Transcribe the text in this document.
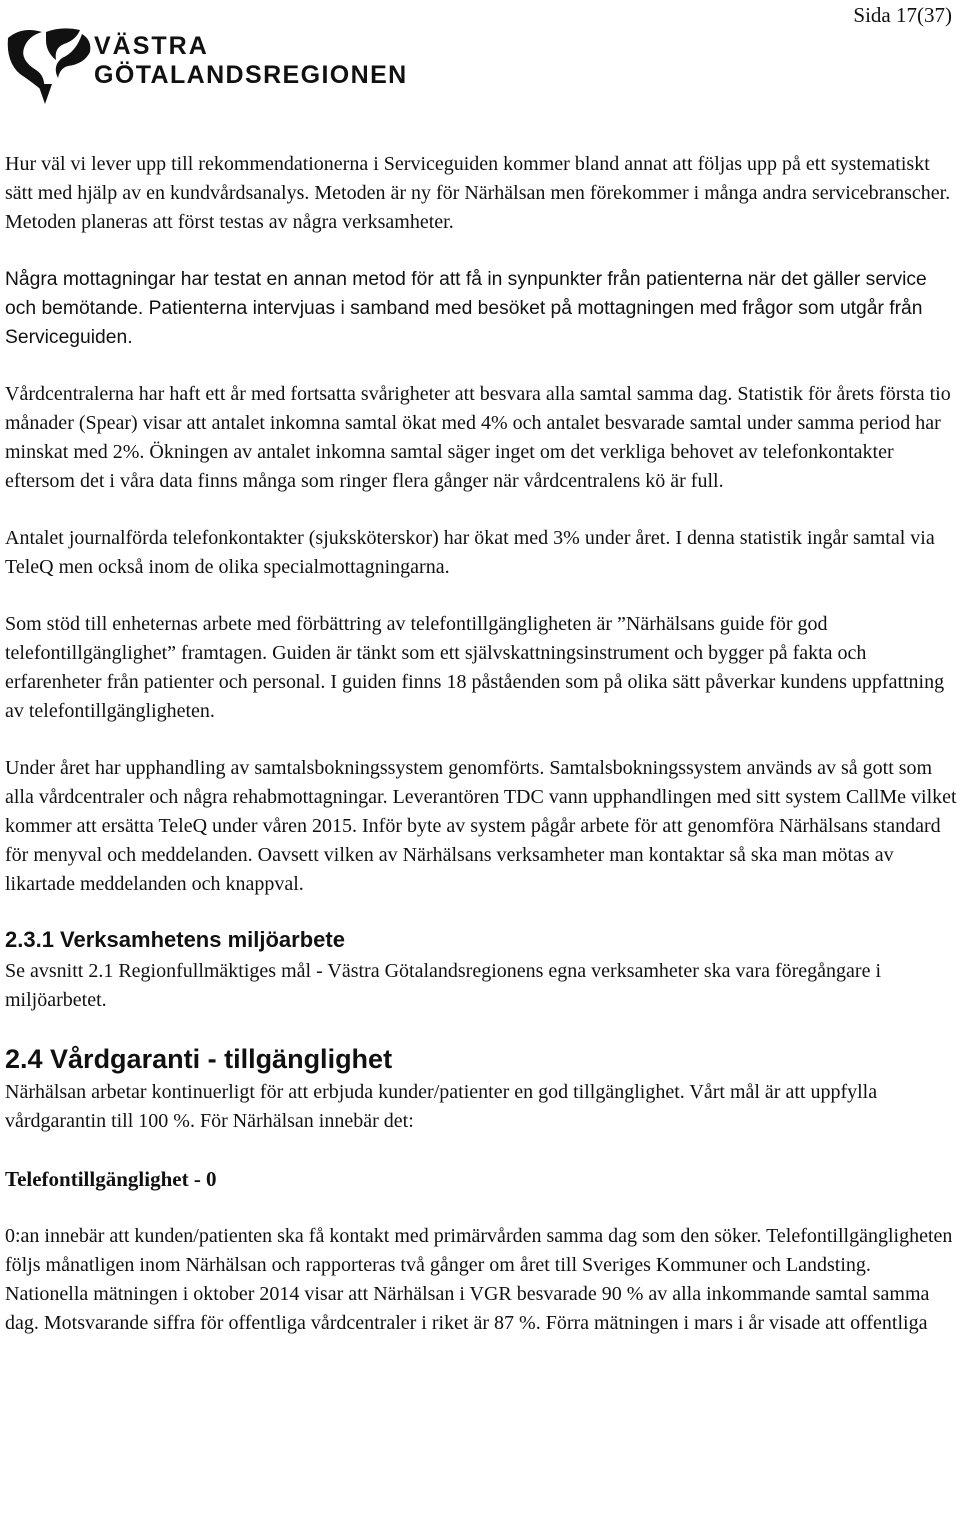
Sida 17(37)

VÄSTRA
GÖTALANDSREGIONEN

Hur väl vi lever upp till rekommendationerna i Serviceguiden kommer bland annat att följas upp på ett systematiskt sätt med hjälp av en kundvårdsanalys. Metoden är ny för Närhälsan men förekommer i många andra servicebranscher. Metoden planeras att först testas av några verksamheter.

Några mottagningar har testat en annan metod för att få in synpunkter från patienterna när det gäller service och bemötande. Patienterna intervjuas i samband med besöket på mottagningen med frågor som utgår från Serviceguiden.

Vårdcentralerna har haft ett år med fortsatta svårigheter att besvara alla samtal samma dag. Statistik för årets första tio månader (Spear) visar att antalet inkomna samtal ökat med 4% och antalet besvarade samtal under samma period har minskat med 2%. Ökningen av antalet inkomna samtal säger inget om det verkliga behovet av telefonkontakter eftersom det i våra data finns många som ringer flera gånger när vårdcentralens kö är full.

Antalet journalförda telefonkontakter (sjuksköterskor) har ökat med 3% under året. I denna statistik ingår samtal via TeleQ men också inom de olika specialmottagningarna.

Som stöd till enheternas arbete med förbättring av telefontillgängligheten är ”Närhälsans guide för god telefontillgänglighet” framtagen. Guiden är tänkt som ett självskattningsinstrument och bygger på fakta och erfarenheter från patienter och personal. I guiden finns 18 påståenden som på olika sätt påverkar kundens uppfattning av telefontillgängligheten.

Under året har upphandling av samtalsbokningssystem genomförts. Samtalsbokningssystem används av så gott som alla vårdcentraler och några rehabmottagningar. Leverantören TDC vann upphandlingen med sitt system CallMe vilket kommer att ersätta TeleQ under våren 2015. Inför byte av system pågår arbete för att genomföra Närhälsans standard för menyval och meddelanden. Oavsett vilken av Närhälsans verksamheter man kontaktar så ska man mötas av likartade meddelanden och knappval.

2.3.1 Verksamhetens miljöarbete

Se avsnitt 2.1 Regionfullmäktiges mål - Västra Götalandsregionens egna verksamheter ska vara föregångare i miljöarbetet.

2.4 Vårdgaranti - tillgänglighet

Närhälsan arbetar kontinuerligt för att erbjuda kunder/patienter en god tillgänglighet. Vårt mål är att uppfylla vårdgarantin till 100 %. För Närhälsan innebär det:

Telefontillgänglighet - 0

0:an innebär att kunden/patienten ska få kontakt med primärvården samma dag som den söker. Telefontillgängligheten följs månatligen inom Närhälsan och rapporteras två gånger om året till Sveriges Kommuner och Landsting. Nationella mätningen i oktober 2014 visar att Närhälsan i VGR besvarade 90 % av alla inkommande samtal samma dag. Motsvarande siffra för offentliga vårdcentraler i riket är 87 %. Förra mätningen i mars i år visade att offentliga
